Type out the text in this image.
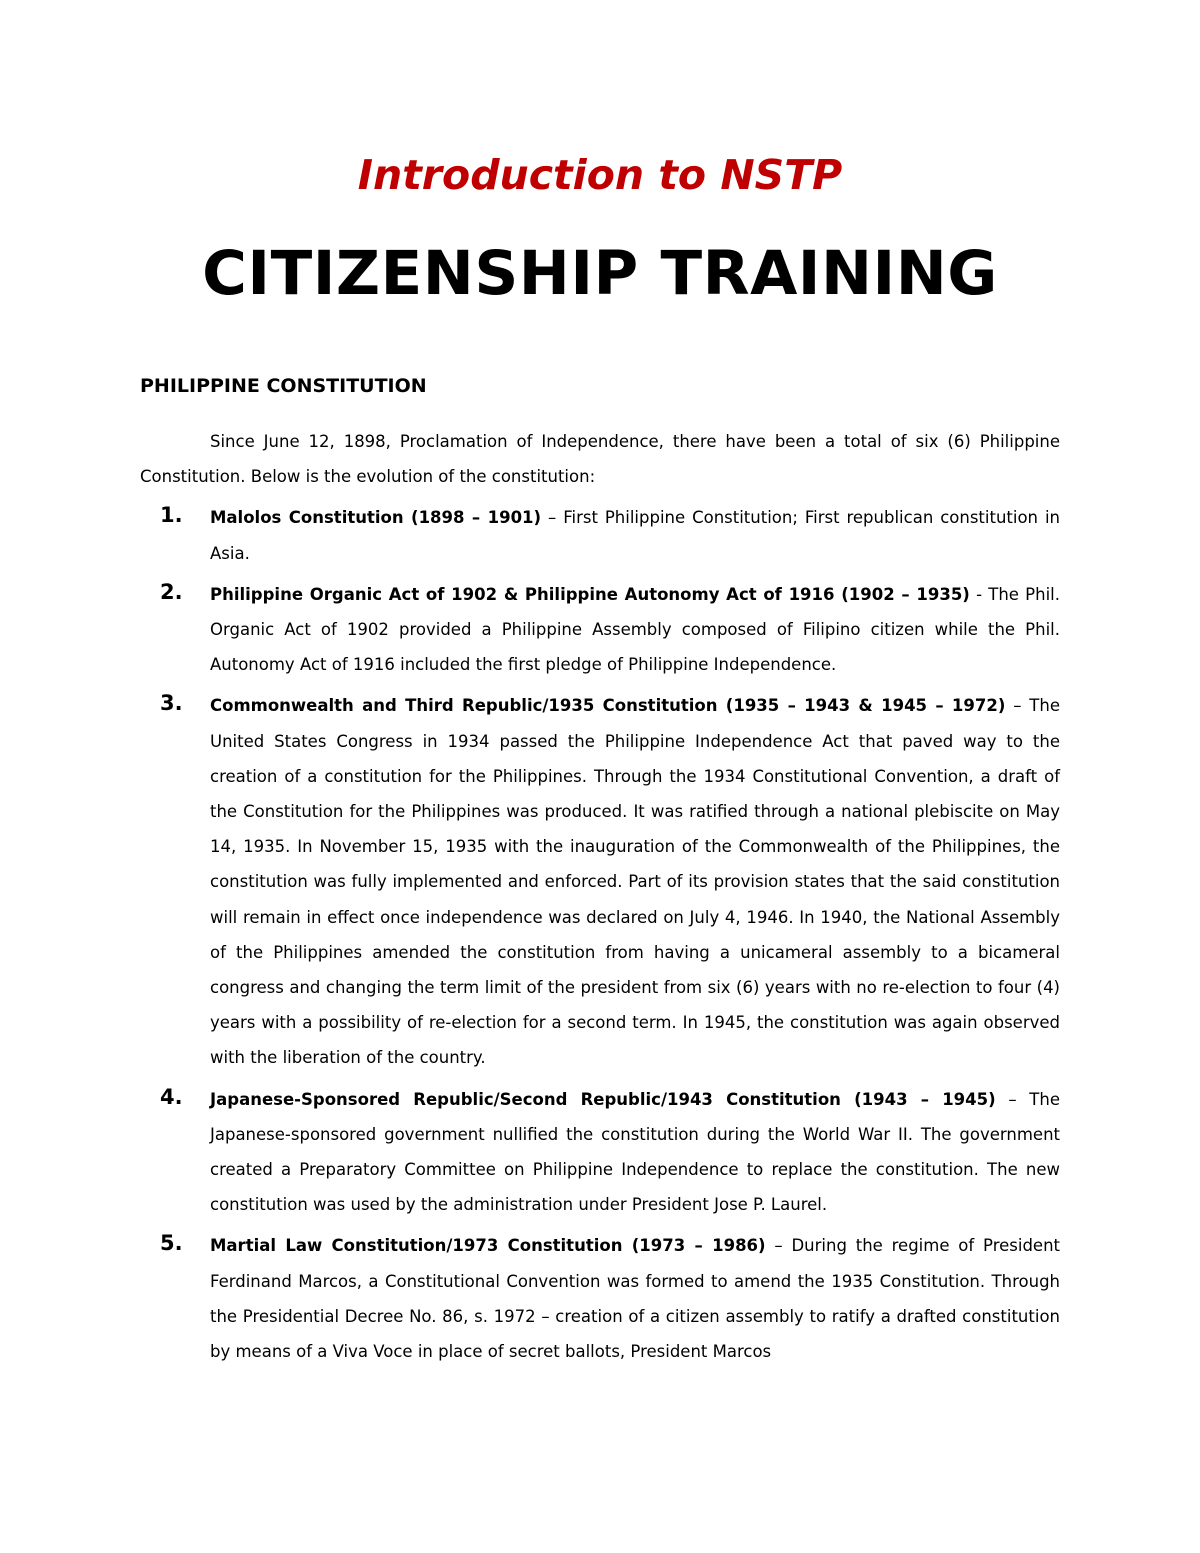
Introduction to NSTP
CITIZENSHIP TRAINING
PHILIPPINE CONSTITUTION

Since June 12, 1898, Proclamation of Independence, there have been a total of six (6) Philippine Constitution. Below is the evolution of the constitution:

1. Malolos Constitution (1898 – 1901) – First Philippine Constitution; First republican constitution in Asia.
2. Philippine Organic Act of 1902 & Philippine Autonomy Act of 1916 (1902 – 1935) - The Phil. Organic Act of 1902 provided a Philippine Assembly composed of Filipino citizen while the Phil. Autonomy Act of 1916 included the first pledge of Philippine Independence.
3. Commonwealth and Third Republic/1935 Constitution (1935 – 1943 & 1945 – 1972) – The United States Congress in 1934 passed the Philippine Independence Act that paved way to the creation of a constitution for the Philippines. Through the 1934 Constitutional Convention, a draft of the Constitution for the Philippines was produced. It was ratified through a national plebiscite on May 14, 1935. In November 15, 1935 with the inauguration of the Commonwealth of the Philippines, the constitution was fully implemented and enforced. Part of its provision states that the said constitution will remain in effect once independence was declared on July 4, 1946. In 1940, the National Assembly of the Philippines amended the constitution from having a unicameral assembly to a bicameral congress and changing the term limit of the president from six (6) years with no re-election to four (4) years with a possibility of re-election for a second term. In 1945, the constitution was again observed with the liberation of the country.
4. Japanese-Sponsored Republic/Second Republic/1943 Constitution (1943 – 1945) – The Japanese-sponsored government nullified the constitution during the World War II. The government created a Preparatory Committee on Philippine Independence to replace the constitution. The new constitution was used by the administration under President Jose P. Laurel.
5. Martial Law Constitution/1973 Constitution (1973 – 1986) – During the regime of President Ferdinand Marcos, a Constitutional Convention was formed to amend the 1935 Constitution. Through the Presidential Decree No. 86, s. 1972 – creation of a citizen assembly to ratify a drafted constitution by means of a Viva Voce in place of secret ballots, President Marcos
